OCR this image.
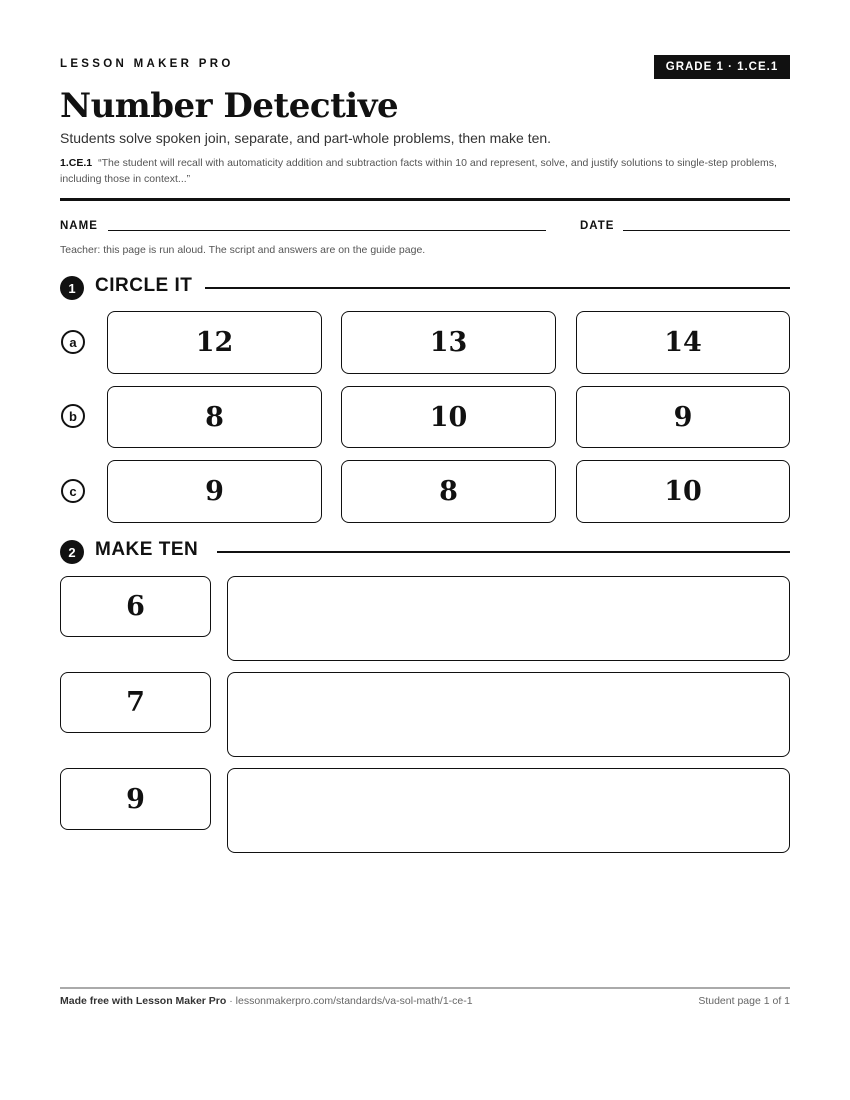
LESSON MAKER PRO	GRADE 1 · 1.CE.1
Number Detective
Students solve spoken join, separate, and part-whole problems, then make ten.
1.CE.1 “The student will recall with automaticity addition and subtraction facts within 10 and represent, solve, and justify solutions to single-step problems, including those in context...”
NAME	DATE
Teacher: this page is run aloud. The script and answers are on the guide page.
1	CIRCLE IT
a	12	13	14
b	8	10	9
c	9	8	10
2	MAKE TEN
6
7
9
Made free with Lesson Maker Pro · lessonmakerpro.com/standards/va-sol-math/1-ce-1	Student page 1 of 1
